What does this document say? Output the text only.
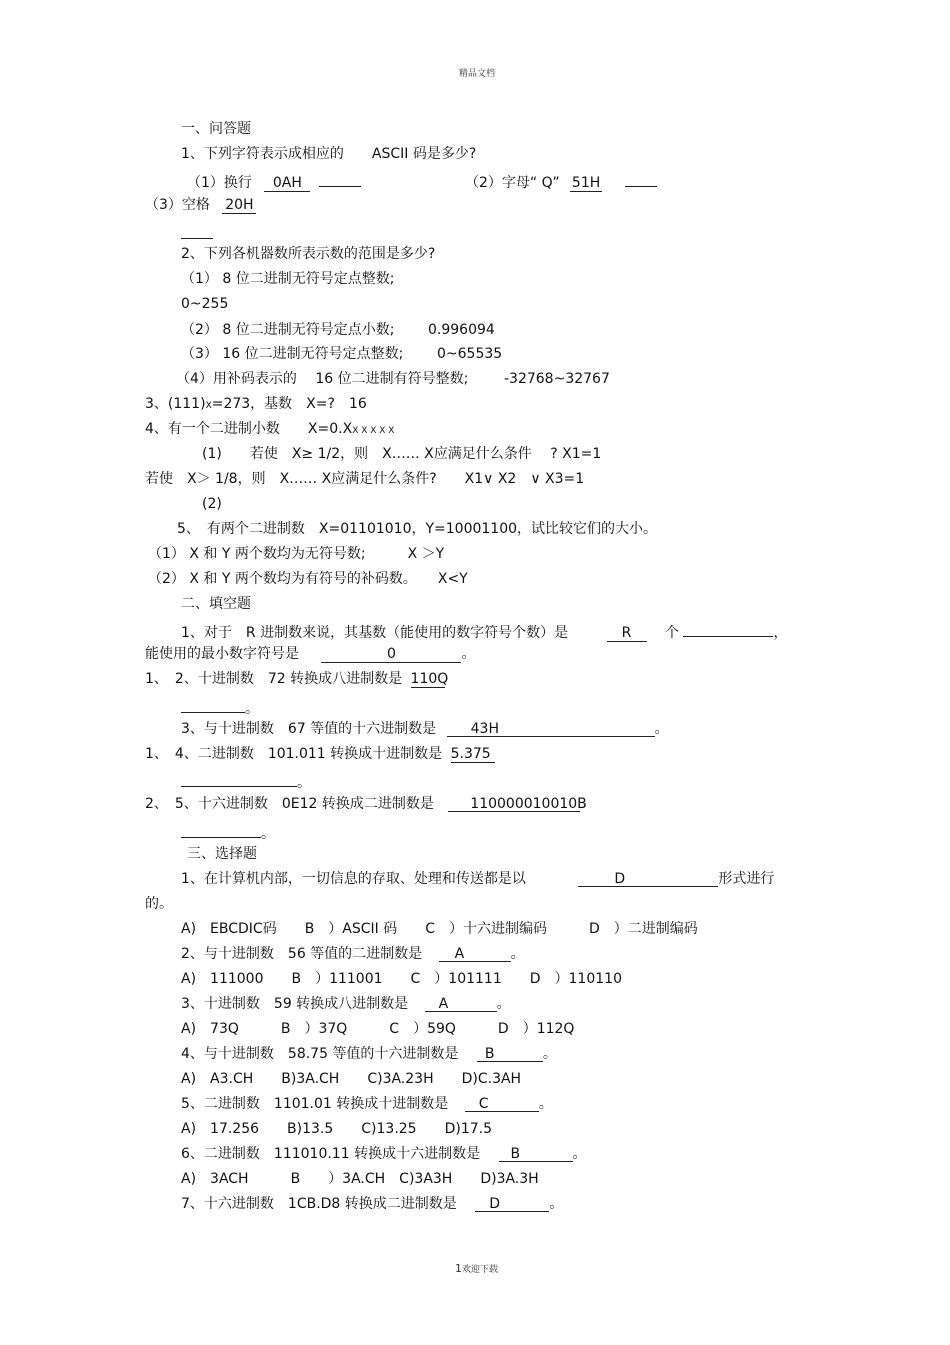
精品文档
一、问答题
1、下列字符表示成相应的　　ASCII 码是多少?
（1）换行 0AH	（2）字母“ Q” 51H
（3）空格 20H
2、下列各机器数所表示数的范围是多少?
（1） 8 位二进制无符号定点整数;
0~255
（2） 8 位二进制无符号定点小数; 0.996094
（3） 16 位二进制无符号定点整数; 0~65535
（4）用补码表示的　 16 位二进制有符号整数;	-32768~32767
3、(111)X=273，基数　X=?　16
4、有一个二进制小数　　X=0.XX X X X X
(1)　　若使　X≥ 1/2，则　X…… X应满足什么条件　 ? X1=1
若使　X＞ 1/8，则　X…… X应满足什么条件?　　X1∨ X2　∨ X3=1
(2)
5、　有两个二进制数　X=01101010，Y=10001100，试比较它们的大小。
（1） X 和 Y 两个数均为无符号数;　　　X ＞Y
（2） X 和 Y 两个数均为有符号的补码数。　　X<Y
二、填空题
1、对于　R 进制数来说，其基数（能使用的数字符号个数）是	R 个	，
能使用的最小数字符号是	0	。
1、　2、十进制数　72 转换成八进制数是 110Q
。
3、与十进制数　67 等值的十六进制数是 43H	。
1、　4、二进制数　101.011 转换成十进制数是 5.375
。
2、　5、十六进制数　0E12 转换成二进制数是	110000010010B
。
三、选择题
1、在计算机内部，一切信息的存取、处理和传送都是以	D	形式进行
的。
A)　EBCDIC码　　B　）ASCII 码　　C　）十六进制编码　　　D　）二进制编码
2、与十进制数　56 等值的二进制数是 A	。
A)　111000　　B　）111001　　C　）101111　　D　）110110
3、十进制数　59 转换成八进制数是 A	。
A)　73Q　　　B　）37Q　　　C　）59Q　　　D　）112Q
4、与十进制数　58.75 等值的十六进制数是 B	。
A)　A3.CH　　B)3A.CH　　C)3A.23H　　D)C.3AH
5、二进制数　1101.01 转换成十进制数是 C	。
A)　17.256　　B)13.5　　C)13.25　　D)17.5
6、二进制数　111010.11 转换成十六进制数是 B	。
A)　3ACH　　　B　　）3A.CH　C)3A3H　　D)3A.3H
7、十六进制数　1CB.D8 转换成二进制数是 D	。
1欢迎下载
